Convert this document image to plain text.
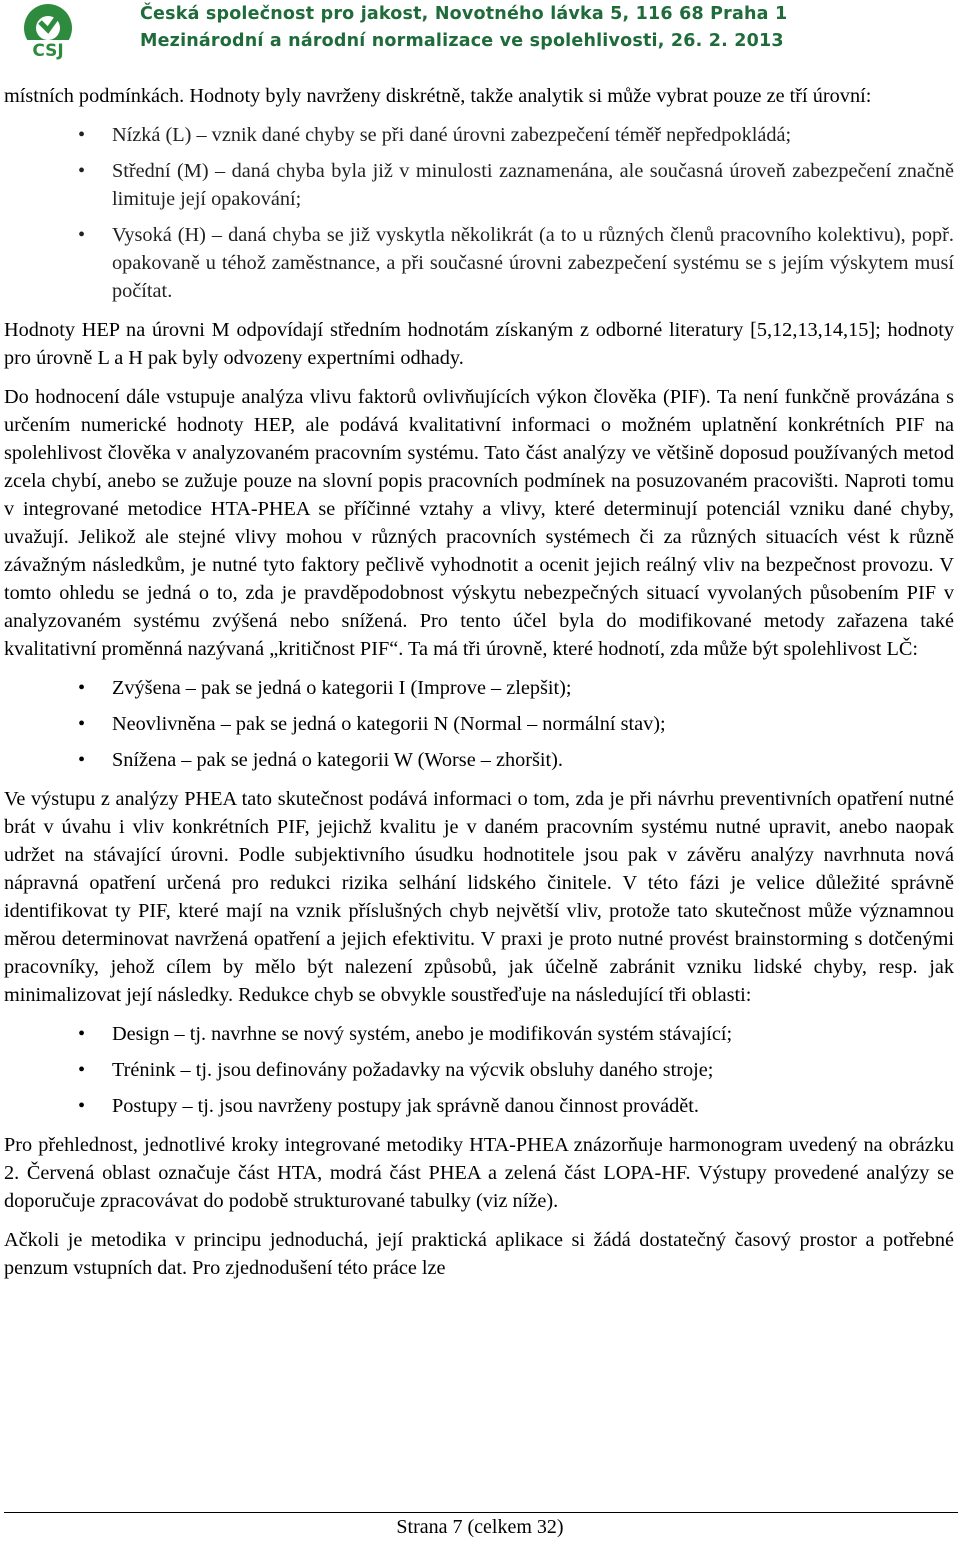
CSJ
Česká společnost pro jakost, Novotného lávka 5, 116 68 Praha 1
Mezinárodní a národní normalizace ve spolehlivosti, 26. 2. 2013

místních podmínkách. Hodnoty byly navrženy diskrétně, takže analytik si může vybrat pouze ze tří úrovní:

• Nízká (L) – vznik dané chyby se při dané úrovni zabezpečení téměř nepředpokládá;
• Střední (M) – daná chyba byla již v minulosti zaznamenána, ale současná úroveň zabezpečení značně limituje její opakování;
• Vysoká (H) – daná chyba se již vyskytla několikrát (a to u různých členů pracovního kolektivu), popř. opakovaně u téhož zaměstnance, a při současné úrovni zabezpečení systému se s jejím výskytem musí počítat.

Hodnoty HEP na úrovni M odpovídají středním hodnotám získaným z odborné literatury [5,12,13,14,15]; hodnoty pro úrovně L a H pak byly odvozeny expertními odhady.

Do hodnocení dále vstupuje analýza vlivu faktorů ovlivňujících výkon člověka (PIF). Ta není funkčně provázána s určením numerické hodnoty HEP, ale podává kvalitativní informaci o možném uplatnění konkrétních PIF na spolehlivost člověka v analyzovaném pracovním systému. Tato část analýzy ve většině doposud používaných metod zcela chybí, anebo se zužuje pouze na slovní popis pracovních podmínek na posuzovaném pracovišti. Naproti tomu v integrované metodice HTA-PHEA se příčinné vztahy a vlivy, které determinují potenciál vzniku dané chyby, uvažují. Jelikož ale stejné vlivy mohou v různých pracovních systémech či za různých situacích vést k různě závažným následkům, je nutné tyto faktory pečlivě vyhodnotit a ocenit jejich reálný vliv na bezpečnost provozu. V tomto ohledu se jedná o to, zda je pravděpodobnost výskytu nebezpečných situací vyvolaných působením PIF v analyzovaném systému zvýšená nebo snížená. Pro tento účel byla do modifikované metody zařazena také kvalitativní proměnná nazývaná „kritičnost PIF“. Ta má tři úrovně, které hodnotí, zda může být spolehlivost LČ:

• Zvýšena – pak se jedná o kategorii I (Improve – zlepšit);
• Neovlivněna – pak se jedná o kategorii N (Normal – normální stav);
• Snížena – pak se jedná o kategorii W (Worse – zhoršit).

Ve výstupu z analýzy PHEA tato skutečnost podává informaci o tom, zda je při návrhu preventivních opatření nutné brát v úvahu i vliv konkrétních PIF, jejichž kvalitu je v daném pracovním systému nutné upravit, anebo naopak udržet na stávající úrovni. Podle subjektivního úsudku hodnotitele jsou pak v závěru analýzy navrhnuta nová nápravná opatření určená pro redukci rizika selhání lidského činitele. V této fázi je velice důležité správně identifikovat ty PIF, které mají na vznik příslušných chyb největší vliv, protože tato skutečnost může významnou měrou determinovat navržená opatření a jejich efektivitu. V praxi je proto nutné provést brainstorming s dotčenými pracovníky, jehož cílem by mělo být nalezení způsobů, jak účelně zabránit vzniku lidské chyby, resp. jak minimalizovat její následky. Redukce chyb se obvykle soustřeďuje na následující tři oblasti:

• Design – tj. navrhne se nový systém, anebo je modifikován systém stávající;
• Trénink – tj. jsou definovány požadavky na výcvik obsluhy daného stroje;
• Postupy – tj. jsou navrženy postupy jak správně danou činnost provádět.

Pro přehlednost, jednotlivé kroky integrované metodiky HTA-PHEA znázorňuje harmonogram uvedený na obrázku 2. Červená oblast označuje část HTA, modrá část PHEA a zelená část LOPA-HF. Výstupy provedené analýzy se doporučuje zpracovávat do podobě strukturované tabulky (viz níže).

Ačkoli je metodika v principu jednoduchá, její praktická aplikace si žádá dostatečný časový prostor a potřebné penzum vstupních dat. Pro zjednodušení této práce lze

Strana 7 (celkem 32)
